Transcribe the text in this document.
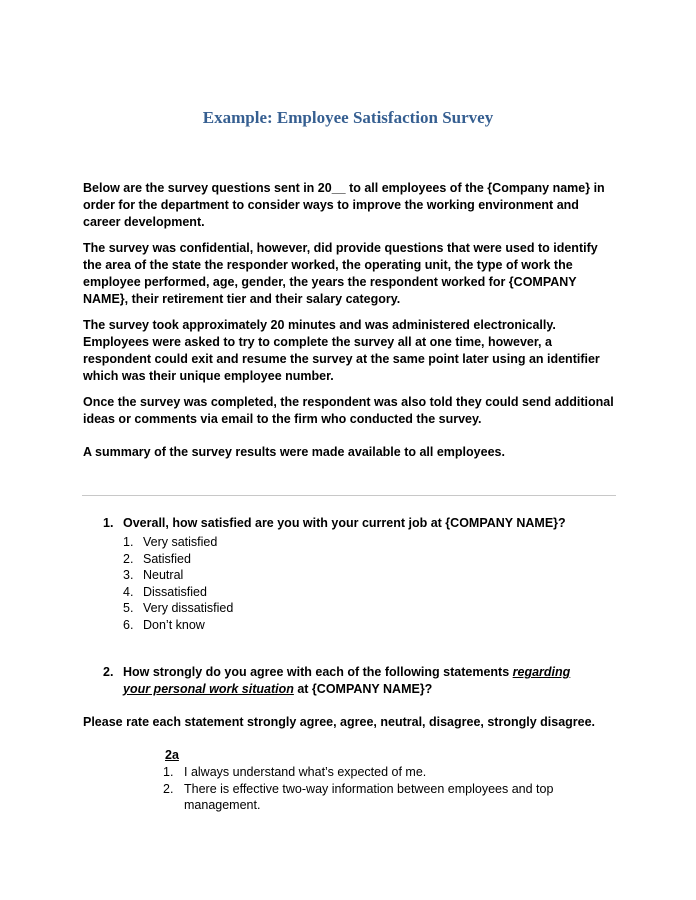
Example: Employee Satisfaction Survey

Below are the survey questions sent in 20__ to all employees of the {Company name} in order for the department to consider ways to improve the working environment and career development.

The survey was confidential, however, did provide questions that were used to identify the area of the state the responder worked, the operating unit, the type of work the employee performed, age, gender, the years the respondent worked for {COMPANY NAME}, their retirement tier and their salary category.

The survey took approximately 20 minutes and was administered electronically. Employees were asked to try to complete the survey all at one time, however, a respondent could exit and resume the survey at the same point later using an identifier which was their unique employee number.

Once the survey was completed, the respondent was also told they could send additional ideas or comments via email to the firm who conducted the survey.

A summary of the survey results were made available to all employees.

1. Overall, how satisfied are you with your current job at {COMPANY NAME}?
1. Very satisfied
2. Satisfied
3. Neutral
4. Dissatisfied
5. Very dissatisfied
6. Don’t know
2. How strongly do you agree with each of the following statements regarding your personal work situation at {COMPANY NAME}?

Please rate each statement strongly agree, agree, neutral, disagree, strongly disagree.

2a
1. I always understand what’s expected of me.
2. There is effective two-way information between employees and top management.
